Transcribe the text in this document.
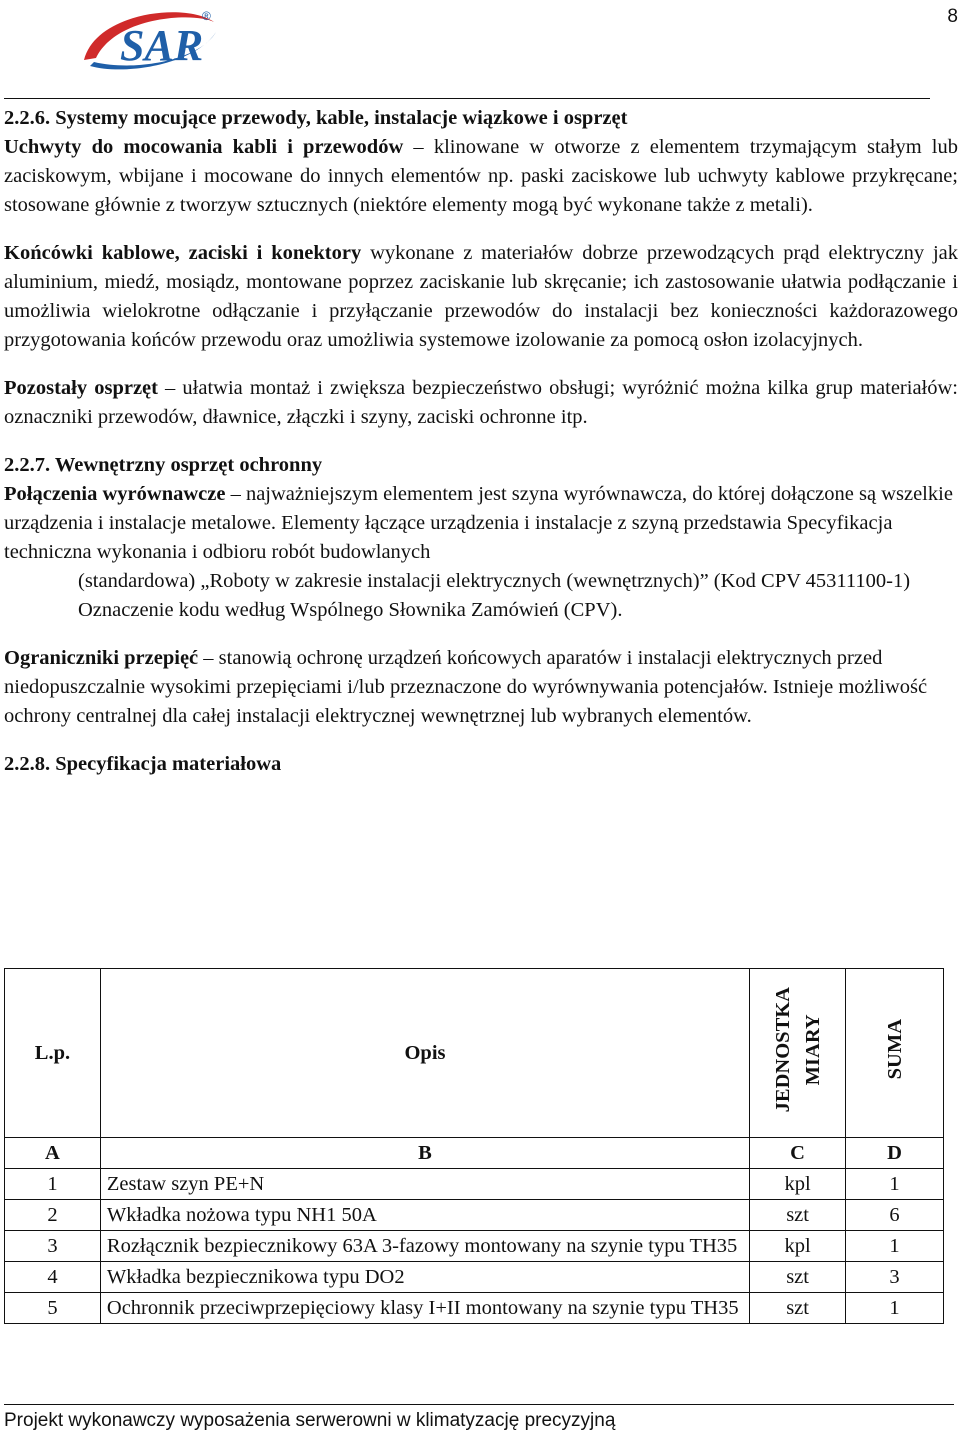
SAR
®	8

2.2.6. Systemy mocujące przewody, kable, instalacje wiązkowe i osprzęt

Uchwyty do mocowania kabli i przewodów – klinowane w otworze z elementem trzymającym stałym lub zaciskowym, wbijane i mocowane do innych elementów np. paski zaciskowe lub uchwyty kablowe przykręcane; stosowane głównie z tworzyw sztucznych (niektóre elementy mogą być wykonane także z metali).

Końcówki kablowe, zaciski i konektory wykonane z materiałów dobrze przewodzących prąd elektryczny jak aluminium, miedź, mosiądz, montowane poprzez zaciskanie lub skręcanie; ich zastosowanie ułatwia podłączanie i umożliwia wielokrotne odłączanie i przyłączanie przewodów do instalacji bez konieczności każdorazowego przygotowania końców przewodu oraz umożliwia systemowe izolowanie za pomocą osłon izolacyjnych.

Pozostały osprzęt – ułatwia montaż i zwiększa bezpieczeństwo obsługi; wyróżnić można kilka grup materiałów: oznaczniki przewodów, dławnice, złączki i szyny, zaciski ochronne itp.

2.2.7. Wewnętrzny osprzęt ochronny

Połączenia wyrównawcze – najważniejszym elementem jest szyna wyrównawcza, do której dołączone są wszelkie urządzenia i instalacje metalowe. Elementy łączące urządzenia i instalacje z szyną przedstawia Specyfikacja techniczna wykonania i odbioru robót budowlanych

(standardowa) „Roboty w zakresie instalacji elektrycznych (wewnętrznych)” (Kod CPV 45311100-1) Oznaczenie kodu według Wspólnego Słownika Zamówień (CPV).

Ograniczniki przepięć – stanowią ochronę urządzeń końcowych aparatów i instalacji elektrycznych przed niedopuszczalnie wysokimi przepięciami i/lub przeznaczone do wyrównywania potencjałów. Istnieje możliwość ochrony centralnej dla całej instalacji elektrycznej wewnętrznej lub wybranych elementów.

2.2.8. Specyfikacja materiałowa

L.p.	Opis	JEDNOSTKA MIARY	SUMA
A	B	C	D
1	Zestaw szyn PE+N	kpl	1
2	Wkładka nożowa typu NH1 50A	szt	6
3	Rozłącznik bezpiecznikowy 63A 3-fazowy montowany na szynie typu TH35	kpl	1
4	Wkładka bezpiecznikowa typu DO2	szt	3
5	Ochronnik przeciwprzepięciowy klasy I+II montowany na szynie typu TH35	szt	1
Projekt wykonawczy wyposażenia serwerowni w klimatyzację precyzyjną
